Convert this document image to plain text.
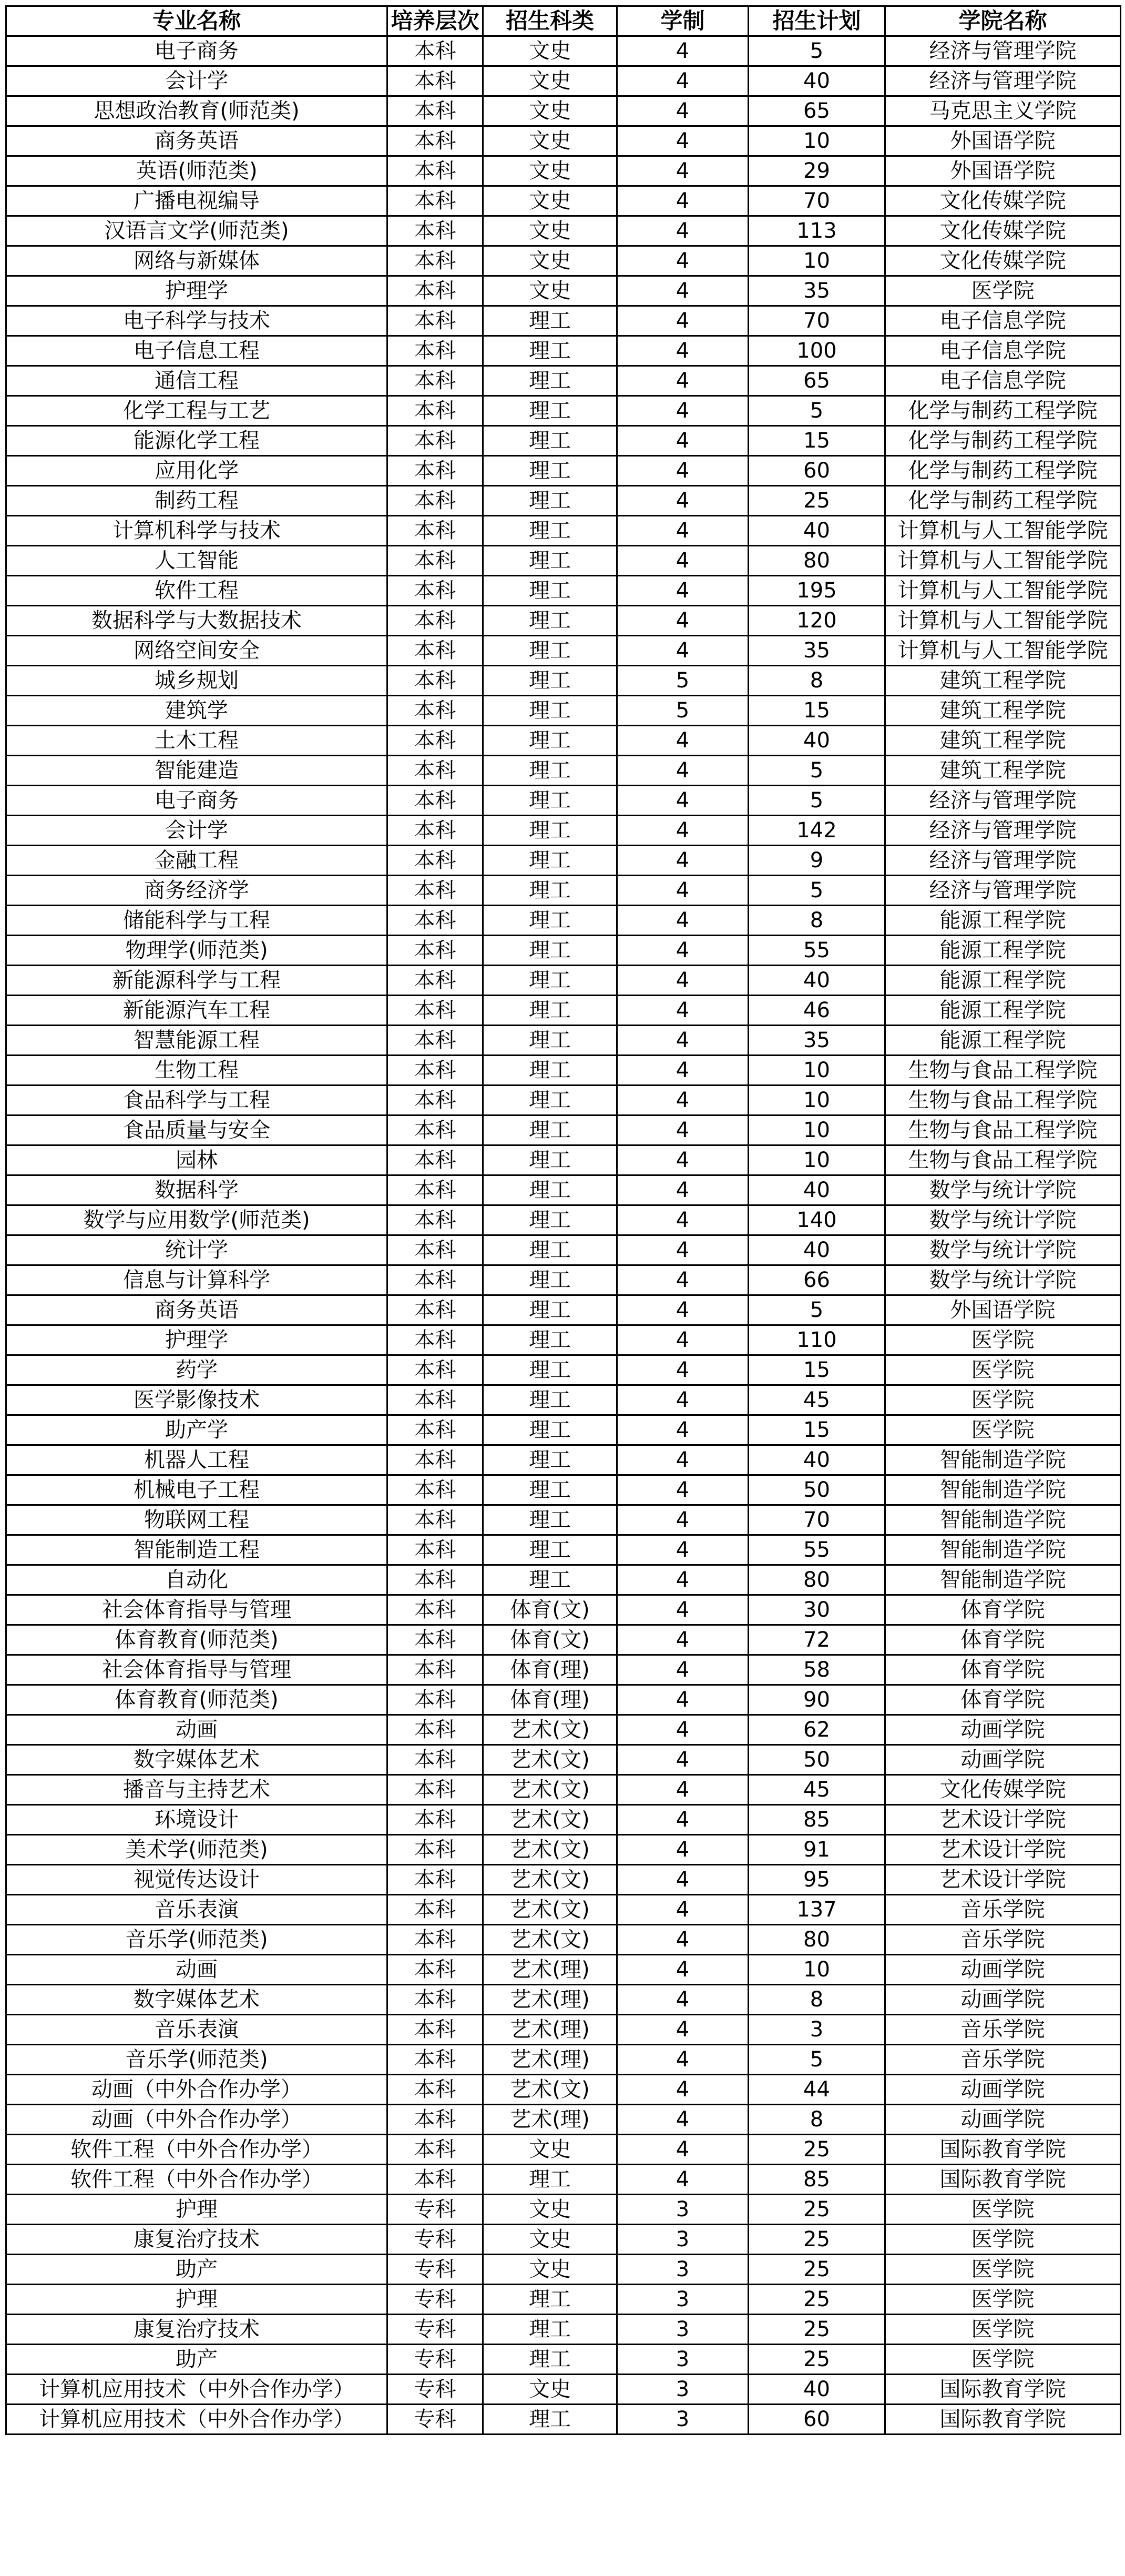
专业名称	培养层次	招生科类	学制	招生计划	学院名称
电子商务	本科	文史	4	5	经济与管理学院
会计学	本科	文史	4	40	经济与管理学院
思想政治教育(师范类)	本科	文史	4	65	马克思主义学院
商务英语	本科	文史	4	10	外国语学院
英语(师范类)	本科	文史	4	29	外国语学院
广播电视编导	本科	文史	4	70	文化传媒学院
汉语言文学(师范类)	本科	文史	4	113	文化传媒学院
网络与新媒体	本科	文史	4	10	文化传媒学院
护理学	本科	文史	4	35	医学院
电子科学与技术	本科	理工	4	70	电子信息学院
电子信息工程	本科	理工	4	100	电子信息学院
通信工程	本科	理工	4	65	电子信息学院
化学工程与工艺	本科	理工	4	5	化学与制药工程学院
能源化学工程	本科	理工	4	15	化学与制药工程学院
应用化学	本科	理工	4	60	化学与制药工程学院
制药工程	本科	理工	4	25	化学与制药工程学院
计算机科学与技术	本科	理工	4	40	计算机与人工智能学院
人工智能	本科	理工	4	80	计算机与人工智能学院
软件工程	本科	理工	4	195	计算机与人工智能学院
数据科学与大数据技术	本科	理工	4	120	计算机与人工智能学院
网络空间安全	本科	理工	4	35	计算机与人工智能学院
城乡规划	本科	理工	5	8	建筑工程学院
建筑学	本科	理工	5	15	建筑工程学院
土木工程	本科	理工	4	40	建筑工程学院
智能建造	本科	理工	4	5	建筑工程学院
电子商务	本科	理工	4	5	经济与管理学院
会计学	本科	理工	4	142	经济与管理学院
金融工程	本科	理工	4	9	经济与管理学院
商务经济学	本科	理工	4	5	经济与管理学院
储能科学与工程	本科	理工	4	8	能源工程学院
物理学(师范类)	本科	理工	4	55	能源工程学院
新能源科学与工程	本科	理工	4	40	能源工程学院
新能源汽车工程	本科	理工	4	46	能源工程学院
智慧能源工程	本科	理工	4	35	能源工程学院
生物工程	本科	理工	4	10	生物与食品工程学院
食品科学与工程	本科	理工	4	10	生物与食品工程学院
食品质量与安全	本科	理工	4	10	生物与食品工程学院
园林	本科	理工	4	10	生物与食品工程学院
数据科学	本科	理工	4	40	数学与统计学院
数学与应用数学(师范类)	本科	理工	4	140	数学与统计学院
统计学	本科	理工	4	40	数学与统计学院
信息与计算科学	本科	理工	4	66	数学与统计学院
商务英语	本科	理工	4	5	外国语学院
护理学	本科	理工	4	110	医学院
药学	本科	理工	4	15	医学院
医学影像技术	本科	理工	4	45	医学院
助产学	本科	理工	4	15	医学院
机器人工程	本科	理工	4	40	智能制造学院
机械电子工程	本科	理工	4	50	智能制造学院
物联网工程	本科	理工	4	70	智能制造学院
智能制造工程	本科	理工	4	55	智能制造学院
自动化	本科	理工	4	80	智能制造学院
社会体育指导与管理	本科	体育(文)	4	30	体育学院
体育教育(师范类)	本科	体育(文)	4	72	体育学院
社会体育指导与管理	本科	体育(理)	4	58	体育学院
体育教育(师范类)	本科	体育(理)	4	90	体育学院
动画	本科	艺术(文)	4	62	动画学院
数字媒体艺术	本科	艺术(文)	4	50	动画学院
播音与主持艺术	本科	艺术(文)	4	45	文化传媒学院
环境设计	本科	艺术(文)	4	85	艺术设计学院
美术学(师范类)	本科	艺术(文)	4	91	艺术设计学院
视觉传达设计	本科	艺术(文)	4	95	艺术设计学院
音乐表演	本科	艺术(文)	4	137	音乐学院
音乐学(师范类)	本科	艺术(文)	4	80	音乐学院
动画	本科	艺术(理)	4	10	动画学院
数字媒体艺术	本科	艺术(理)	4	8	动画学院
音乐表演	本科	艺术(理)	4	3	音乐学院
音乐学(师范类)	本科	艺术(理)	4	5	音乐学院
动画（中外合作办学）	本科	艺术(文)	4	44	动画学院
动画（中外合作办学）	本科	艺术(理)	4	8	动画学院
软件工程（中外合作办学）	本科	文史	4	25	国际教育学院
软件工程（中外合作办学）	本科	理工	4	85	国际教育学院
护理	专科	文史	3	25	医学院
康复治疗技术	专科	文史	3	25	医学院
助产	专科	文史	3	25	医学院
护理	专科	理工	3	25	医学院
康复治疗技术	专科	理工	3	25	医学院
助产	专科	理工	3	25	医学院
计算机应用技术（中外合作办学）	专科	文史	3	40	国际教育学院
计算机应用技术（中外合作办学）	专科	理工	3	60	国际教育学院
